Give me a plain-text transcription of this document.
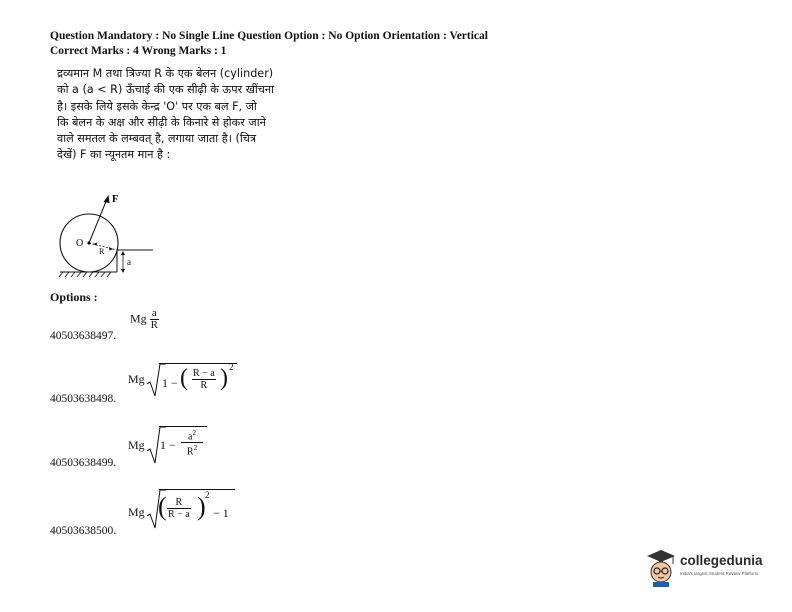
Question Mandatory : No Single Line Question Option : No Option Orientation : Vertical
Correct Marks : 4 Wrong Marks : 1
द्रव्यमान M तथा त्रिज्या R के एक बेलन (cylinder)
को a (a < R) ऊँचाई की एक सीढ़ी के ऊपर खींचना
है। इसके लिये इसके केन्द्र 'O' पर एक बल F, जो
कि बेलन के अक्ष और सीढ़ी के किनारे से होकर जाने
वाले समतल के लम्बवत् है, लगाया जाता है। (चित्र
देखें) F का न्यूनतम मान है :
F
O
R
a
Options :
Mg $\frac{a}{R}$
40503638497.
Mg 1 − ( $\frac{R - a}{R}$ ) 2
40503638498.
Mg $1 - \frac{a^2}{R^2}$
40503638499.
Mg ( $\frac{R}{R - a}$ ) 2
− 1
40503638500.
collegedunia
India's largest Student Review Platform
